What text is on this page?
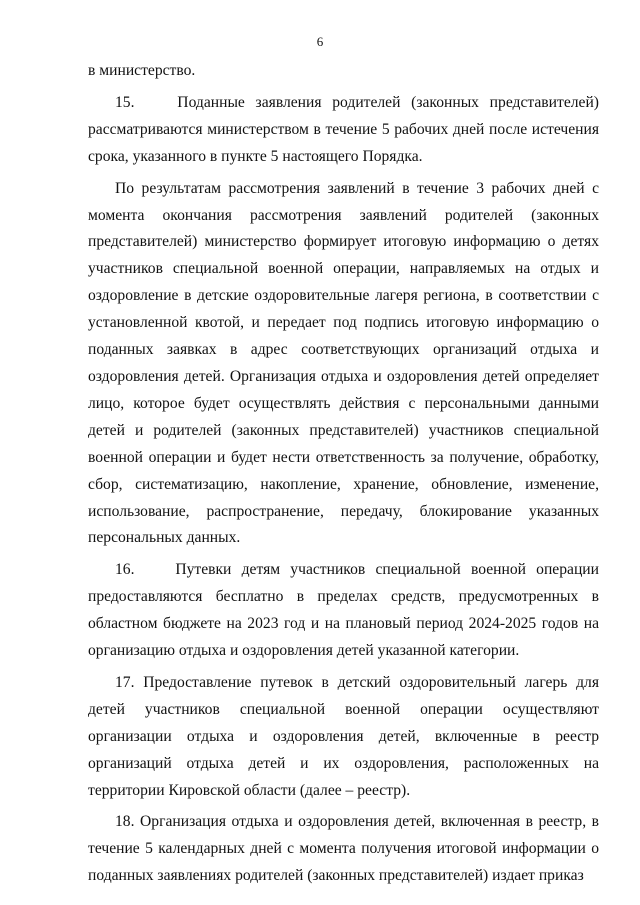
6

в министерство.

15.    Поданные заявления родителей (законных представителей) рассматриваются министерством в течение 5 рабочих дней после истечения срока, указанного в пункте 5 настоящего Порядка.

По результатам рассмотрения заявлений в течение 3 рабочих дней с момента окончания рассмотрения заявлений родителей (законных представителей) министерство формирует итоговую информацию о детях участников специальной военной операции, направляемых на отдых и оздоровление в детские оздоровительные лагеря региона, в соответствии с установленной квотой, и передает под подпись итоговую информацию о поданных заявках в адрес соответствующих организаций отдыха и оздоровления детей. Организация отдыха и оздоровления детей определяет лицо, которое будет осуществлять действия с персональными данными детей и родителей (законных представителей) участников специальной военной операции и будет нести ответственность за получение, обработку, сбор, систематизацию, накопление, хранение, обновление, изменение, использование, распространение, передачу, блокирование указанных персональных данных.

16.    Путевки детям участников специальной военной операции предоставляются бесплатно в пределах средств, предусмотренных в областном бюджете на 2023 год и на плановый период 2024-2025 годов на организацию отдыха и оздоровления детей указанной категории.

17. Предоставление путевок в детский оздоровительный лагерь для детей участников специальной военной операции осуществляют организации отдыха и оздоровления детей, включенные в реестр организаций отдыха детей и их оздоровления, расположенных на территории Кировской области (далее – реестр).

18. Организация отдыха и оздоровления детей, включенная в реестр, в течение 5 календарных дней с момента получения итоговой информации о поданных заявлениях родителей (законных представителей) издает приказ
